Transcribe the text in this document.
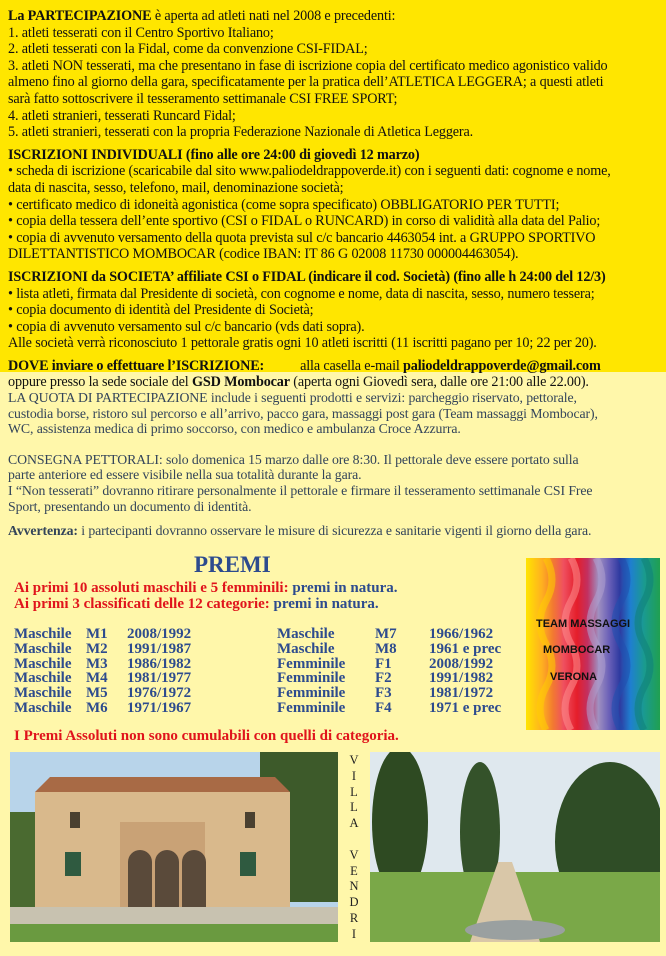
La PARTECIPAZIONE è aperta ad atleti nati nel 2008 e precedenti:
1. atleti tesserati con il Centro Sportivo Italiano;
2. atleti tesserati con la Fidal, come da convenzione CSI-FIDAL;
3. atleti NON tesserati, ma che presentano in fase di iscrizione copia del certificato medico agonistico valido
almeno fino al giorno della gara, specificatamente per la pratica dell’ATLETICA LEGGERA; a questi atleti
sarà fatto sottoscrivere il tesseramento settimanale CSI FREE SPORT;
4. atleti stranieri, tesserati Runcard Fidal;
5. atleti stranieri, tesserati con la propria Federazione Nazionale di Atletica Leggera.
ISCRIZIONI INDIVIDUALI (fino alle ore 24:00 di giovedì 12 marzo)
• scheda di iscrizione (scaricabile dal sito www.paliodeldrappoverde.it) con i seguenti dati: cognome e nome,
data di nascita, sesso, telefono, mail, denominazione società;
• certificato medico di idoneità agonistica (come sopra specificato) OBBLIGATORIO PER TUTTI;
• copia della tessera dell’ente sportivo (CSI o FIDAL o RUNCARD) in corso di validità alla data del Palio;
• copia di avvenuto versamento della quota prevista sul c/c bancario 4463054 int. a GRUPPO SPORTIVO
DILETTANTISTICO MOMBOCAR (codice IBAN: IT 86 G 02008 11730 000004463054).
ISCRIZIONI da SOCIETA’ affiliate CSI o FIDAL (indicare il cod. Società) (fino alle h 24:00 del 12/3)
• lista atleti, firmata dal Presidente di società, con cognome e nome, data di nascita, sesso, numero tessera;
• copia documento di identità del Presidente di Società;
• copia di avvenuto versamento sul c/c bancario (vds dati sopra).
Alle società verrà riconosciuto 1 pettorale gratis ogni 10 atleti iscritti (11 iscritti pagano per 10; 22 per 20).
DOVE inviare o effettuare l’ISCRIZIONE:	alla casella e-mail paliodeldrappoverde@gmail.com
oppure presso la sede sociale del GSD Mombocar (aperta ogni Giovedì sera, dalle ore 21:00 alle 22.00).
LA QUOTA DI PARTECIPAZIONE include i seguenti prodotti e servizi: parcheggio riservato, pettorale,
custodia borse, ristoro sul percorso e all’arrivo, pacco gara, massaggi post gara (Team massaggi Mombocar),
WC, assistenza medica di primo soccorso, con medico e ambulanza Croce Azzurra.
CONSEGNA PETTORALI: solo domenica 15 marzo dalle ore 8:30. Il pettorale deve essere portato sulla
parte anteriore ed essere visibile nella sua totalità durante la gara.
I “Non tesserati” dovranno ritirare personalmente il pettorale e firmare il tesseramento settimanale CSI Free
Sport, presentando un documento di identità.
Avvertenza: i partecipanti dovranno osservare le misure di sicurezza e sanitarie vigenti il giorno della gara.
PREMI
Ai primi 10 assoluti maschili e 5 femminili: premi in natura.
Ai primi 3 classificati delle 12 categorie: premi in natura.
Maschile M1	2008/1992	Maschile	M7	1966/1962
Maschile M2	1991/1987	Maschile	M8	1961 e prec
Maschile M3	1986/1982	Femminile	F1	2008/1992
Maschile M4	1981/1977	Femminile	F2	1991/1982
Maschile M5	1976/1972	Femminile	F3	1981/1972
Maschile M6	1971/1967	Femminile	F4	1971 e prec
I Premi Assoluti non sono cumulabili con quelli di categoria.
TEAM MASSAGGI
MOMBOCAR
VERONA
V
I
L
L
A
V
E
N
D
R
I
